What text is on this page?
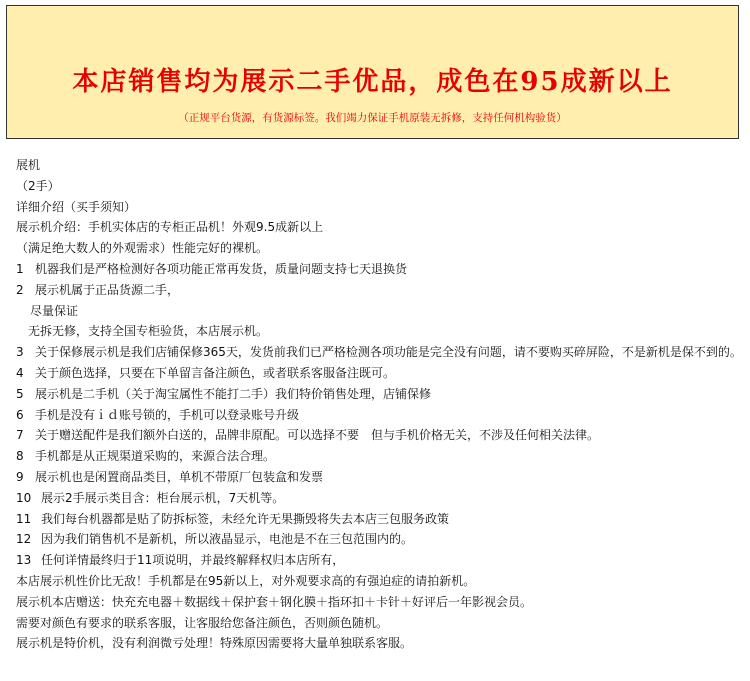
本店销售均为展示二手优品，成色在95成新以上
（正规平台货源，有货源标签。我们竭力保证手机原装无拆修，支持任何机构验货）
展机
（2手）
详细介绍（买手须知）
展示机介绍：手机实体店的专柜正品机！外观9.5成新以上
（满足绝大数人的外观需求）性能完好的裸机。
1 机器我们是严格检测好各项功能正常再发货，质量问题支持七天退换货
2 展示机属于正品货源二手，
尽量保证
无拆无修，支持全国专柜验货，本店展示机。
3 关于保修展示机是我们店铺保修365天，发货前我们已严格检测各项功能是完全没有问题，请不要购买碎屏险，不是新机是保不到的。
4 关于颜色选择，只要在下单留言备注颜色，或者联系客服备注既可。
5 展示机是二手机（关于淘宝属性不能打二手）我们特价销售处理，店铺保修
6 手机是没有ｉｄ账号锁的，手机可以登录账号升级
7 关于赠送配件是我们额外白送的，品牌非原配。可以选择不要　但与手机价格无关，不涉及任何相关法律。
8 手机都是从正规渠道采购的，来源合法合理。
9 展示机也是闲置商品类目，单机不带原厂包装盒和发票
10 展示2手展示类目含：柜台展示机，7天机等。
11 我们每台机器都是贴了防拆标签，未经允许无果撕毁将失去本店三包服务政策
12 因为我们销售机不是新机，所以液晶显示，电池是不在三包范围内的。
13 任何详情最终归于11项说明，并最终解释权归本店所有，
本店展示机性价比无敌！手机都是在95新以上，对外观要求高的有强迫症的请拍新机。
展示机本店赠送：快充充电器＋数据线＋保护套＋钢化膜＋指环扣＋卡针＋好评后一年影视会员。
需要对颜色有要求的联系客服，让客服给您备注颜色，否则颜色随机。
展示机是特价机，没有利润微亏处理！特殊原因需要将大量单独联系客服。
